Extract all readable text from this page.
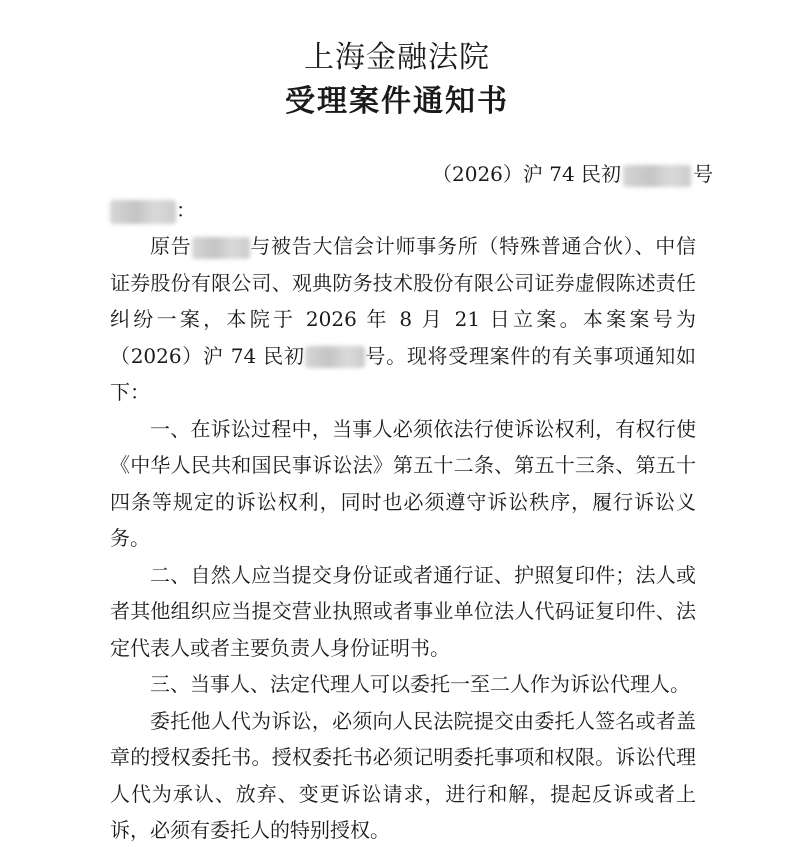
上海金融法院
受理案件通知书
（2026）沪 74 民初	号
：

原告	与被告大信会计师事务所（特殊普通合伙）、中信证券股份有限公司、观典防务技术股份有限公司证券虚假陈述责任纠纷一案，本院于 2026 年 8 月 21 日立案。本案案号为（2026）沪 74 民初	号。现将受理案件的有关事项通知如下：

一、在诉讼过程中，当事人必须依法行使诉讼权利，有权行使《中华人民共和国民事诉讼法》第五十二条、第五十三条、第五十四条等规定的诉讼权利，同时也必须遵守诉讼秩序，履行诉讼义务。

二、自然人应当提交身份证或者通行证、护照复印件；法人或者其他组织应当提交营业执照或者事业单位法人代码证复印件、法定代表人或者主要负责人身份证明书。

三、当事人、法定代理人可以委托一至二人作为诉讼代理人。

委托他人代为诉讼，必须向人民法院提交由委托人签名或者盖章的授权委托书。授权委托书必须记明委托事项和权限。诉讼代理人代为承认、放弃、变更诉讼请求，进行和解，提起反诉或者上诉，必须有委托人的特别授权。
